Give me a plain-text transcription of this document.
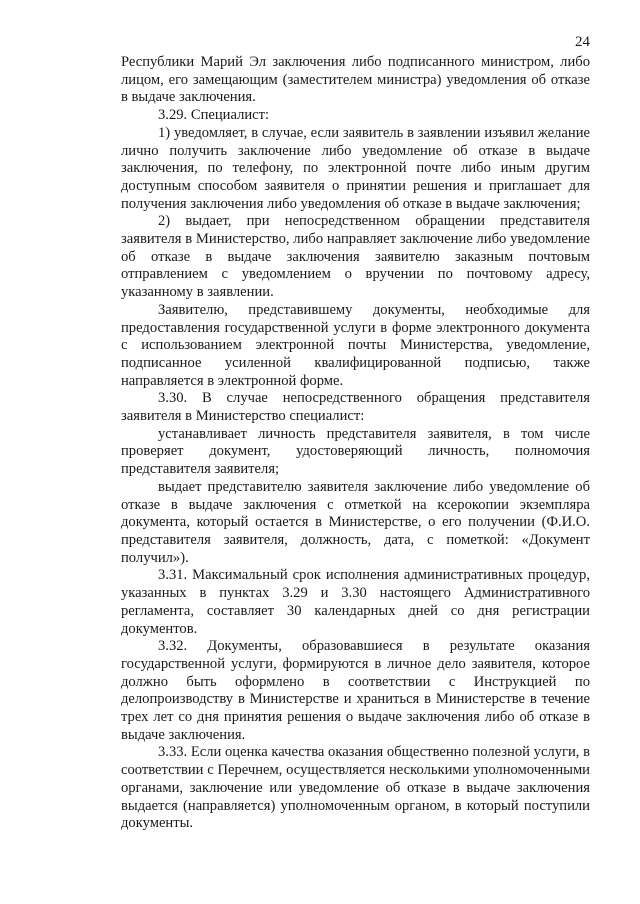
24

Республики Марий Эл заключения либо подписанного министром, либо лицом, его замещающим (заместителем министра) уведомления об отказе в выдаче заключения.

3.29. Специалист:

1) уведомляет, в случае, если заявитель в заявлении изъявил желание лично получить заключение либо уведомление об отказе в выдаче заключения, по телефону, по электронной почте либо иным другим доступным способом заявителя о принятии решения и приглашает для получения заключения либо уведомления об отказе в выдаче заключения;

2) выдает, при непосредственном обращении представителя заявителя в Министерство, либо направляет заключение либо уведомление об отказе в выдаче заключения заявителю заказным почтовым отправлением с уведомлением о вручении по почтовому адресу, указанному в заявлении.

Заявителю, представившему документы, необходимые для предоставления государственной услуги в форме электронного документа с использованием электронной почты Министерства, уведомление, подписанное усиленной квалифицированной подписью, также направляется в электронной форме.

3.30. В случае непосредственного обращения представителя заявителя в Министерство специалист:

устанавливает личность представителя заявителя, в том числе проверяет документ, удостоверяющий личность, полномочия представителя заявителя;

выдает представителю заявителя заключение либо уведомление об отказе в выдаче заключения с отметкой на ксерокопии экземпляра документа, который остается в Министерстве, о его получении (Ф.И.О. представителя заявителя, должность, дата, с пометкой: «Документ получил»).

3.31. Максимальный срок исполнения административных процедур, указанных в пунктах 3.29 и 3.30 настоящего Административного регламента, составляет 30 календарных дней со дня регистрации документов.

3.32. Документы, образовавшиеся в результате оказания государственной услуги, формируются в личное дело заявителя, которое должно быть оформлено в соответствии с Инструкцией по делопроизводству в Министерстве и храниться в Министерстве в течение трех лет со дня принятия решения о выдаче заключения либо об отказе в выдаче заключения.

3.33. Если оценка качества оказания общественно полезной услуги, в соответствии с Перечнем, осуществляется несколькими уполномоченными органами, заключение или уведомление об отказе в выдаче заключения выдается (направляется) уполномоченным органом, в который поступили документы.
